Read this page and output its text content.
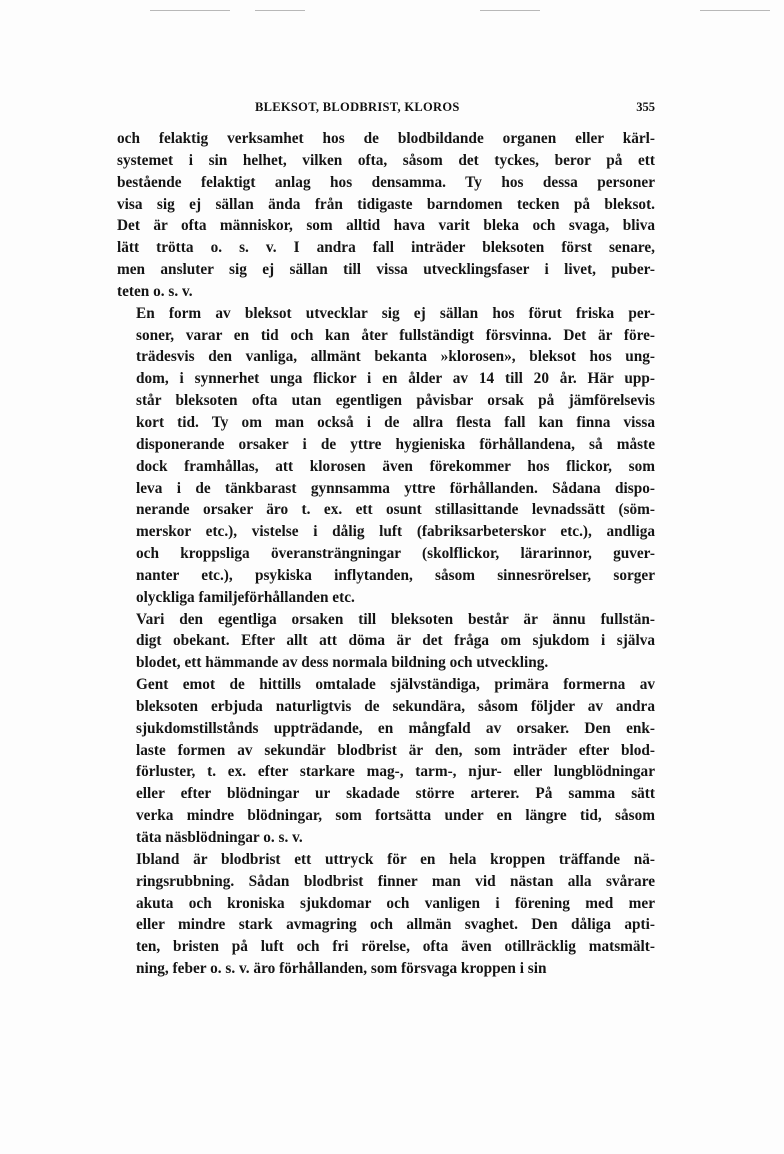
BLEKSOT, BLODBRIST, KLOROS	355
och felaktig verksamhet hos de blodbildande organen eller kärl-
systemet i sin helhet, vilken ofta, såsom det tyckes, beror på ett
bestående felaktigt anlag hos densamma. Ty hos dessa personer
visa sig ej sällan ända från tidigaste barndomen tecken på bleksot.
Det är ofta människor, som alltid hava varit bleka och svaga, bliva
lätt trötta o. s. v. I andra fall inträder bleksoten först senare,
men ansluter sig ej sällan till vissa utvecklingsfaser i livet, puber-
teten o. s. v.
En form av bleksot utvecklar sig ej sällan hos förut friska per-
soner, varar en tid och kan åter fullständigt försvinna. Det är före-
trädesvis den vanliga, allmänt bekanta »klorosen», bleksot hos ung-
dom, i synnerhet unga flickor i en ålder av 14 till 20 år. Här upp-
står bleksoten ofta utan egentligen påvisbar orsak på jämförelsevis
kort tid. Ty om man också i de allra flesta fall kan finna vissa
disponerande orsaker i de yttre hygieniska förhållandena, så måste
dock framhållas, att klorosen även förekommer hos flickor, som
leva i de tänkbarast gynnsamma yttre förhållanden. Sådana dispo-
nerande orsaker äro t. ex. ett osunt stillasittande levnadssätt (söm-
merskor etc.), vistelse i dålig luft (fabriksarbeterskor etc.), andliga
och kroppsliga överansträngningar (skolflickor, lärarinnor, guver-
nanter etc.), psykiska inflytanden, såsom sinnesrörelser, sorger
olyckliga familjeförhållanden etc.
Vari den egentliga orsaken till bleksoten består är ännu fullstän-
digt obekant. Efter allt att döma är det fråga om sjukdom i själva
blodet, ett hämmande av dess normala bildning och utveckling.
Gent emot de hittills omtalade självständiga, primära formerna av
bleksoten erbjuda naturligtvis de sekundära, såsom följder av andra
sjukdomstillstånds uppträdande, en mångfald av orsaker. Den enk-
laste formen av sekundär blodbrist är den, som inträder efter blod-
förluster, t. ex. efter starkare mag-, tarm-, njur- eller lungblödningar
eller efter blödningar ur skadade större arterer. På samma sätt
verka mindre blödningar, som fortsätta under en längre tid, såsom
täta näsblödningar o. s. v.
Ibland är blodbrist ett uttryck för en hela kroppen träffande nä-
ringsrubbning. Sådan blodbrist finner man vid nästan alla svårare
akuta och kroniska sjukdomar och vanligen i förening med mer
eller mindre stark avmagring och allmän svaghet. Den dåliga apti-
ten, bristen på luft och fri rörelse, ofta även otillräcklig matsmält-
ning, feber o. s. v. äro förhållanden, som försvaga kroppen i sin
